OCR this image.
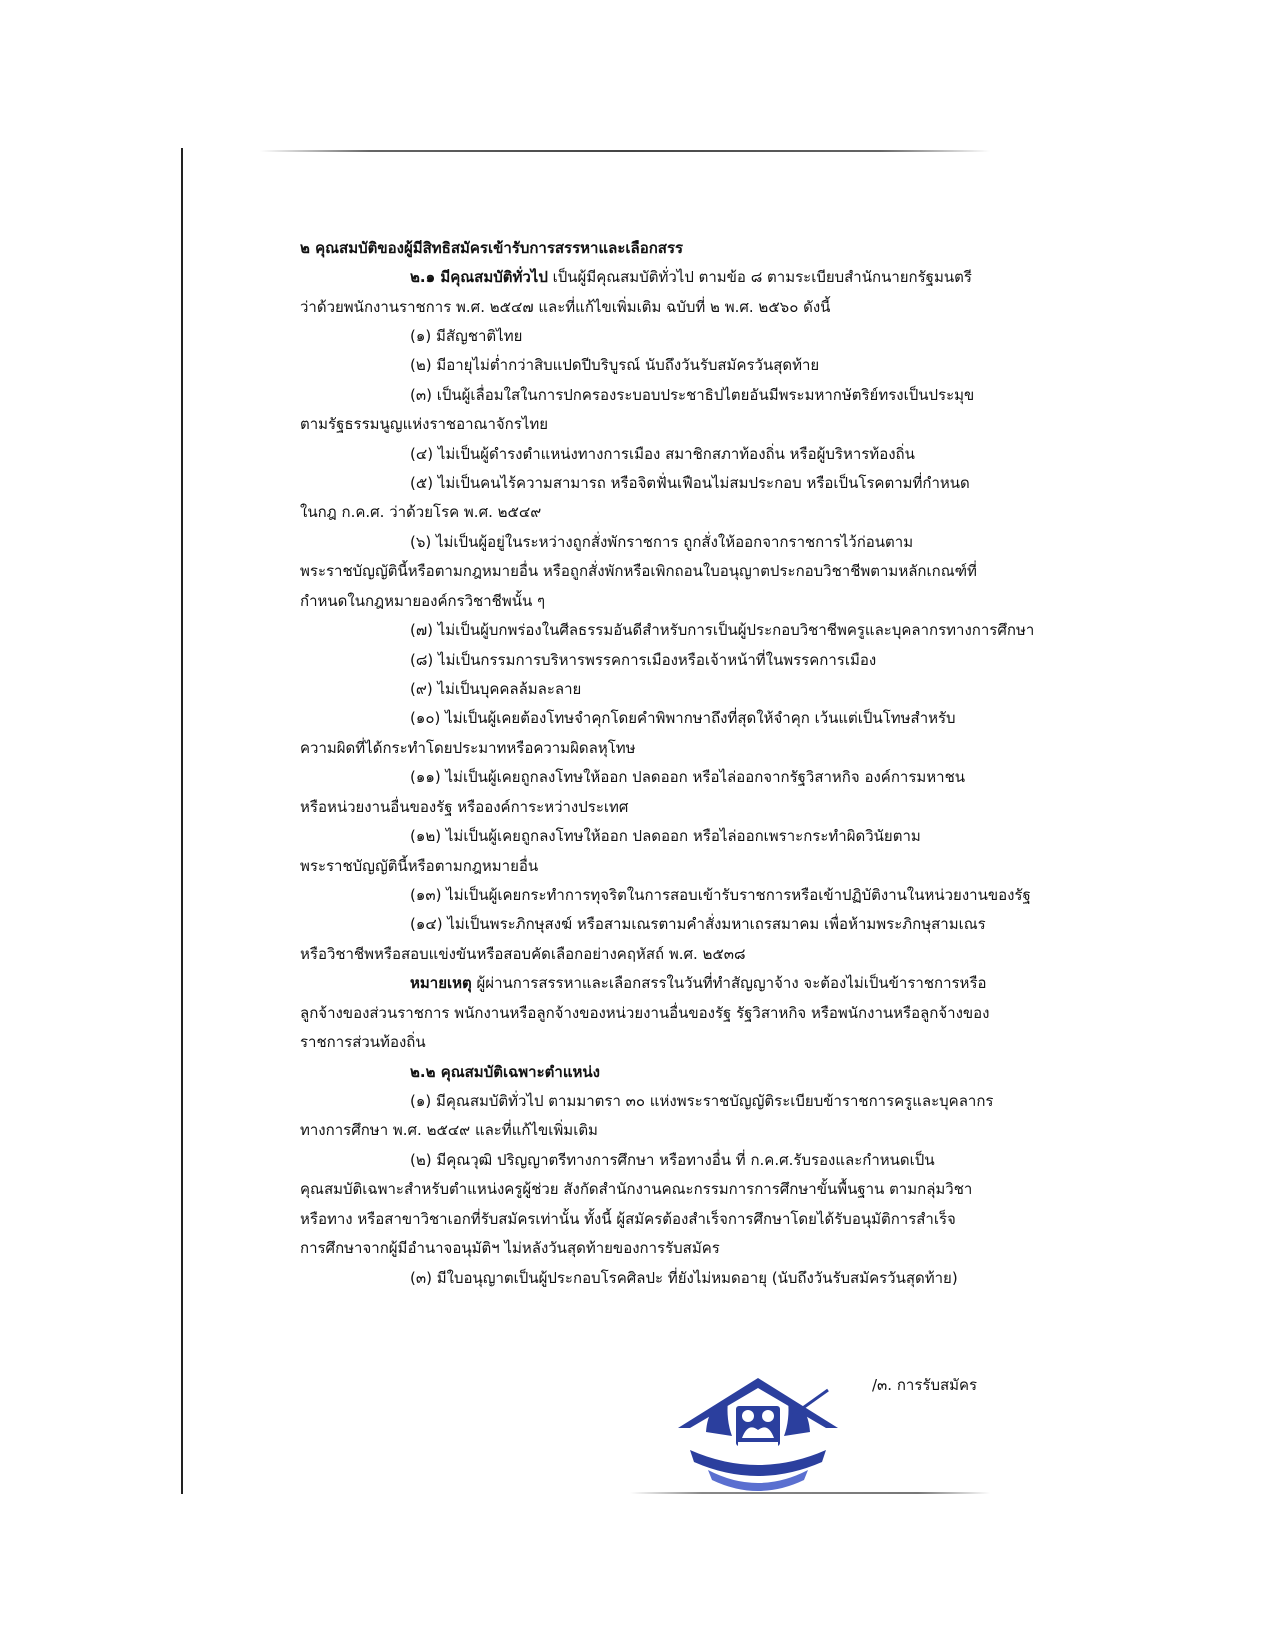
๒ คุณสมบัติของผู้มีสิทธิสมัครเข้ารับการสรรหาและเลือกสรร
๒.๑ มีคุณสมบัติทั่วไป เป็นผู้มีคุณสมบัติทั่วไป ตามข้อ ๘ ตามระเบียบสำนักนายกรัฐมนตรี
ว่าด้วยพนักงานราชการ พ.ศ. ๒๕๔๗ และที่แก้ไขเพิ่มเติม ฉบับที่ ๒ พ.ศ. ๒๕๖๐ ดังนี้
(๑) มีสัญชาติไทย
(๒) มีอายุไม่ต่ำกว่าสิบแปดปีบริบูรณ์ นับถึงวันรับสมัครวันสุดท้าย
(๓) เป็นผู้เลื่อมใสในการปกครองระบอบประชาธิปไตยอันมีพระมหากษัตริย์ทรงเป็นประมุข
ตามรัฐธรรมนูญแห่งราชอาณาจักรไทย
(๔) ไม่เป็นผู้ดำรงตำแหน่งทางการเมือง สมาชิกสภาท้องถิ่น หรือผู้บริหารท้องถิ่น
(๕) ไม่เป็นคนไร้ความสามารถ หรือจิตฟั่นเฟือนไม่สมประกอบ หรือเป็นโรคตามที่กำหนด
ในกฎ ก.ค.ศ. ว่าด้วยโรค พ.ศ. ๒๕๔๙
(๖) ไม่เป็นผู้อยู่ในระหว่างถูกสั่งพักราชการ ถูกสั่งให้ออกจากราชการไว้ก่อนตาม
พระราชบัญญัตินี้หรือตามกฎหมายอื่น หรือถูกสั่งพักหรือเพิกถอนใบอนุญาตประกอบวิชาชีพตามหลักเกณฑ์ที่
กำหนดในกฎหมายองค์กรวิชาชีพนั้น ๆ
(๗) ไม่เป็นผู้บกพร่องในศีลธรรมอันดีสำหรับการเป็นผู้ประกอบวิชาชีพครูและบุคลากรทางการศึกษา
(๘) ไม่เป็นกรรมการบริหารพรรคการเมืองหรือเจ้าหน้าที่ในพรรคการเมือง
(๙) ไม่เป็นบุคคลล้มละลาย
(๑๐) ไม่เป็นผู้เคยต้องโทษจำคุกโดยคำพิพากษาถึงที่สุดให้จำคุก เว้นแต่เป็นโทษสำหรับ
ความผิดที่ได้กระทำโดยประมาทหรือความผิดลหุโทษ
(๑๑) ไม่เป็นผู้เคยถูกลงโทษให้ออก ปลดออก หรือไล่ออกจากรัฐวิสาหกิจ องค์การมหาชน
หรือหน่วยงานอื่นของรัฐ หรือองค์การะหว่างประเทศ
(๑๒) ไม่เป็นผู้เคยถูกลงโทษให้ออก ปลดออก หรือไล่ออกเพราะกระทำผิดวินัยตาม
พระราชบัญญัตินี้หรือตามกฎหมายอื่น
(๑๓) ไม่เป็นผู้เคยกระทำการทุจริตในการสอบเข้ารับราชการหรือเข้าปฏิบัติงานในหน่วยงานของรัฐ
(๑๔) ไม่เป็นพระภิกษุสงฆ์ หรือสามเณรตามคำสั่งมหาเถรสมาคม เพื่อห้ามพระภิกษุสามเณร
หรือวิชาชีพหรือสอบแข่งขันหรือสอบคัดเลือกอย่างคฤหัสถ์ พ.ศ. ๒๕๓๘
หมายเหตุ ผู้ผ่านการสรรหาและเลือกสรรในวันที่ทำสัญญาจ้าง จะต้องไม่เป็นข้าราชการหรือ
ลูกจ้างของส่วนราชการ พนักงานหรือลูกจ้างของหน่วยงานอื่นของรัฐ รัฐวิสาหกิจ หรือพนักงานหรือลูกจ้างของ
ราชการส่วนท้องถิ่น
๒.๒ คุณสมบัติเฉพาะตำแหน่ง
(๑) มีคุณสมบัติทั่วไป ตามมาตรา ๓๐ แห่งพระราชบัญญัติระเบียบข้าราชการครูและบุคลากร
ทางการศึกษา พ.ศ. ๒๕๔๙ และที่แก้ไขเพิ่มเติม
(๒) มีคุณวุฒิ ปริญญาตรีทางการศึกษา หรือทางอื่น ที่ ก.ค.ศ.รับรองและกำหนดเป็น
คุณสมบัติเฉพาะสำหรับตำแหน่งครูผู้ช่วย สังกัดสำนักงานคณะกรรมการการศึกษาขั้นพื้นฐาน ตามกลุ่มวิชา
หรือทาง หรือสาขาวิชาเอกที่รับสมัครเท่านั้น ทั้งนี้ ผู้สมัครต้องสำเร็จการศึกษาโดยได้รับอนุมัติการสำเร็จ
การศึกษาจากผู้มีอำนาจอนุมัติฯ ไม่หลังวันสุดท้ายของการรับสมัคร
(๓) มีใบอนุญาตเป็นผู้ประกอบโรคศิลปะ ที่ยังไม่หมดอายุ (นับถึงวันรับสมัครวันสุดท้าย)
/๓. การรับสมัคร
